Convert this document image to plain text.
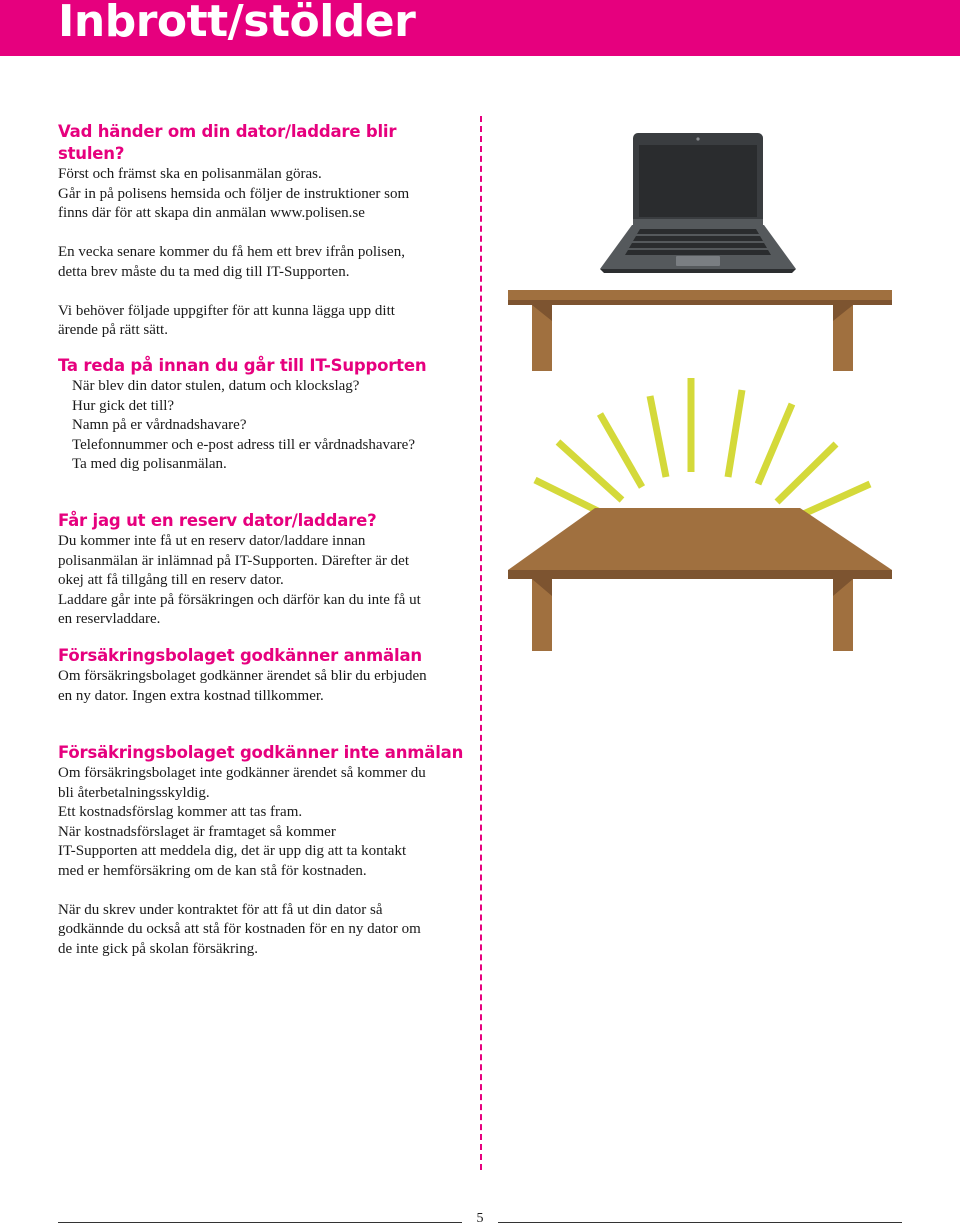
Inbrott/stölder
Vad händer om din dator/laddare blir stulen?

Först och främst ska en polisanmälan göras.

Går in på polisens hemsida och följer de instruktioner som

finns där för att skapa din anmälan www.polisen.se

En vecka senare kommer du få hem ett brev ifrån polisen,

detta brev måste du ta med dig till IT-Supporten.

Vi behöver följade uppgifter för att kunna lägga upp ditt

ärende på rätt sätt.

Ta reda på innan du går till IT-Supporten

När blev din dator stulen, datum och klockslag?

Hur gick det till?

Namn på er vårdnadshavare?

Telefonnummer och e-post adress till er vårdnadshavare?

Ta med dig polisanmälan.

Får jag ut en reserv dator/laddare?

Du kommer inte få ut en reserv dator/laddare innan

polisanmälan är inlämnad på IT-Supporten. Därefter är det

okej att få tillgång till en reserv dator.

Laddare går inte på försäkringen och därför kan du inte få ut

en reservladdare.

Försäkringsbolaget godkänner anmälan

Om försäkringsbolaget godkänner ärendet så blir du erbjuden

en ny dator. Ingen extra kostnad tillkommer.

Försäkringsbolaget godkänner inte anmälan

Om försäkringsbolaget inte godkänner ärendet så kommer du

bli återbetalningsskyldig.

Ett kostnadsförslag kommer att tas fram.

När kostnadsförslaget är framtaget så kommer

IT-Supporten att meddela dig, det är upp dig att ta kontakt

med er hemförsäkring om de kan stå för kostnaden.

När du skrev under kontraktet för att få ut din dator så

godkännde du också att stå för kostnaden för en ny dator om

de inte gick på skolan försäkring.

5
